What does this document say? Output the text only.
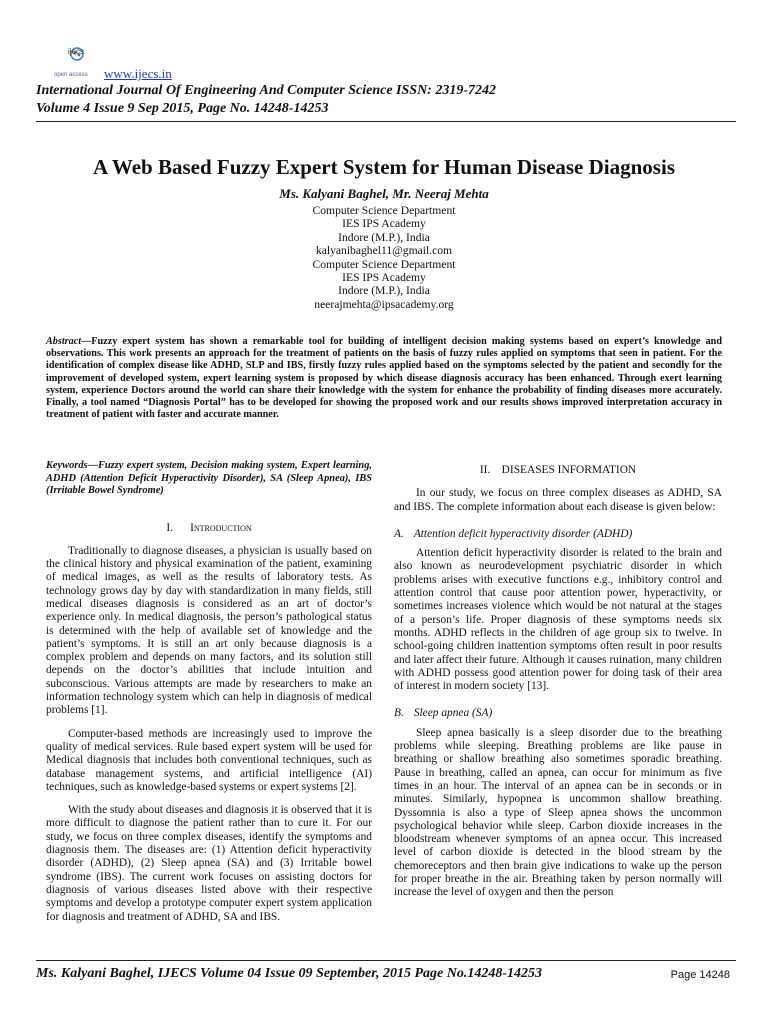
ijecs
open access www.ijecs.in
International Journal Of Engineering And Computer Science ISSN: 2319-7242
Volume 4 Issue 9 Sep 2015, Page No. 14248-14253
A Web Based Fuzzy Expert System for Human Disease Diagnosis
Ms. Kalyani Baghel, Mr. Neeraj Mehta
Computer Science Department
IES IPS Academy
Indore (M.P.), India
kalyanibaghel11@gmail.com
Computer Science Department
IES IPS Academy
Indore (M.P.), India
neerajmehta@ipsacademy.org
Abstract—Fuzzy expert system has shown a remarkable tool for building of intelligent decision making systems based on expert’s knowledge and observations. This work presents an approach for the treatment of patients on the basis of fuzzy rules applied on symptoms that seen in patient. For the identification of complex disease like ADHD, SLP and IBS, firstly fuzzy rules applied based on the symptoms selected by the patient and secondly for the improvement of developed system, expert learning system is proposed by which disease diagnosis accuracy has been enhanced. Through exert learning system, experience Doctors around the world can share their knowledge with the system for enhance the probability of finding diseases more accurately. Finally, a tool named “Diagnosis Portal” has to be developed for showing the proposed work and our results shows improved interpretation accuracy in treatment of patient with faster and accurate manner.

Keywords—Fuzzy expert system, Decision making system, Expert learning, ADHD (Attention Deficit Hyperactivity Disorder), SA (Sleep Apnea), IBS (Irritable Bowel Syndrome)

I. Introduction

Traditionally to diagnose diseases, a physician is usually based on the clinical history and physical examination of the patient, examining of medical images, as well as the results of laboratory tests. As technology grows day by day with standardization in many fields, still medical diseases diagnosis is considered as an art of doctor’s experience only. In medical diagnosis, the person’s pathological status is determined with the help of available set of knowledge and the patient’s symptoms. It is still an art only because diagnosis is a complex problem and depends on many factors, and its solution still depends on the doctor’s abilities that include intuition and subconscious. Various attempts are made by researchers to make an information technology system which can help in diagnosis of medical problems [1].

Computer-based methods are increasingly used to improve the quality of medical services. Rule based expert system will be used for Medical diagnosis that includes both conventional techniques, such as database management systems, and artificial intelligence (AI) techniques, such as knowledge-based systems or expert systems [2].

With the study about diseases and diagnosis it is observed that it is more difficult to diagnose the patient rather than to cure it. For our study, we focus on three complex diseases, identify the symptoms and diagnosis them. The diseases are: (1) Attention deficit hyperactivity disorder (ADHD), (2) Sleep apnea (SA) and (3) Irritable bowel syndrome (IBS). The current work focuses on assisting doctors for diagnosis of various diseases listed above with their respective symptoms and develop a prototype computer expert system application for diagnosis and treatment of ADHD, SA and IBS.

II. DISEASES INFORMATION

In our study, we focus on three complex diseases as ADHD, SA and IBS. The complete information about each disease is given below:

A. Attention deficit hyperactivity disorder (ADHD)

Attention deficit hyperactivity disorder is related to the brain and also known as neurodevelopment psychiatric disorder in which problems arises with executive functions e.g., inhibitory control and attention control that cause poor attention power, hyperactivity, or sometimes increases violence which would be not natural at the stages of a person’s life. Proper diagnosis of these symptoms needs six months. ADHD reflects in the children of age group six to twelve. In school-going children inattention symptoms often result in poor results and later affect their future. Although it causes ruination, many children with ADHD possess good attention power for doing task of their area of interest in modern society [13].

B. Sleep apnea (SA)

Sleep apnea basically is a sleep disorder due to the breathing problems while sleeping. Breathing problems are like pause in breathing or shallow breathing also sometimes sporadic breathing. Pause in breathing, called an apnea, can occur for minimum as five times in an hour. The interval of an apnea can be in seconds or in minutes. Similarly, hypopnea is uncommon shallow breathing. Dyssomnia is also a type of Sleep apnea shows the uncommon psychological behavior while sleep. Carbon dioxide increases in the bloodstream whenever symptoms of an apnea occur. This increased level of carbon dioxide is detected in the blood stream by the chemoreceptors and then brain give indications to wake up the person for proper breathe in the air. Breathing taken by person normally will increase the level of oxygen and then the person

Ms. Kalyani Baghel, IJECS Volume 04 Issue 09 September, 2015 Page No.14248-14253	Page 14248
